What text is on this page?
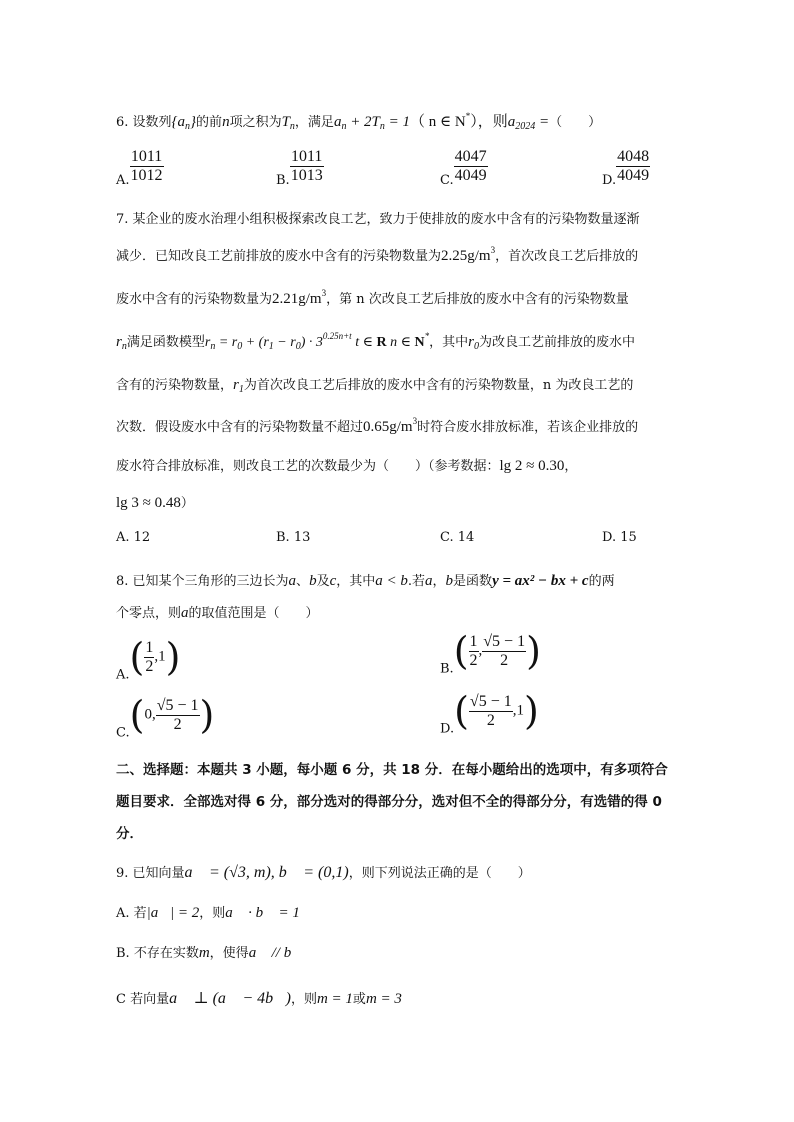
6. 设数列$\{a_n\}$的前n项之积为$T_n$，满足$a_n + 2T_n = 1$（ n ∈ N*），则$a_{2024}$ =（　　）
A. $\frac{1011}{1012}$	B. $\frac{1011}{1013}$	C. $\frac{4047}{4049}$	D. $\frac{4048}{4049}$
7. 某企业的废水治理小组积极探索改良工艺，致力于使排放的废水中含有的污染物数量逐渐
减少．已知改良工艺前排放的废水中含有的污染物数量为$2.25g/m^3$，首次改良工艺后排放的
废水中含有的污染物数量为$2.21g/m^3$，第 n 次改良工艺后排放的废水中含有的污染物数量
$r_n$满足函数模型$r_n = r_0 + (r_1 - r_0) \cdot 3^{0.25n+t}$ t ∈ R n ∈ N*，其中$r_0$为改良工艺前排放的废水中
含有的污染物数量，$r_1$为首次改良工艺后排放的废水中含有的污染物数量，n 为改良工艺的
次数．假设废水中含有的污染物数量不超过$0.65g/m^3$时符合废水排放标准，若该企业排放的
废水符合排放标准，则改良工艺的次数最少为（　　）（参考数据：lg 2 ≈ 0.30，
lg 3 ≈ 0.48）
A. 12	B. 13	C. 14	D. 15
8. 已知某个三角形的三边长为a、b及c，其中a < b.若a，b是函数y = ax² − bx + c的两
个零点，则a的取值范围是（　　）
$A.( \frac{1}{2} ,1)$	$B.( \frac{1}{2}$ , $\frac{√5 - 1}{2}$ )
C.(0, $\frac{√5 - 1}{2}$ )	$D.( \frac{√5 - 1}{2} ,1)$
二、选择题：本题共 3 小题，每小题 6 分，共 18 分．在每小题给出的选项中，有多项符合
题目要求．全部选对得 6 分，部分选对的得部分分，选对但不全的得部分分，有选错的得 0
分．
9. 已知向量a⃗ = (√3, m), b⃗ = (0,1)，则下列说法正确的是（　　）
A. 若|a⃗| = 2，则a⃗ · b⃗ = 1
B. 不存在实数m，使得a⃗ // b⃗
C 若向量a⃗ ⊥ (a⃗ − 4b⃗)，则m = 1或m = 3
